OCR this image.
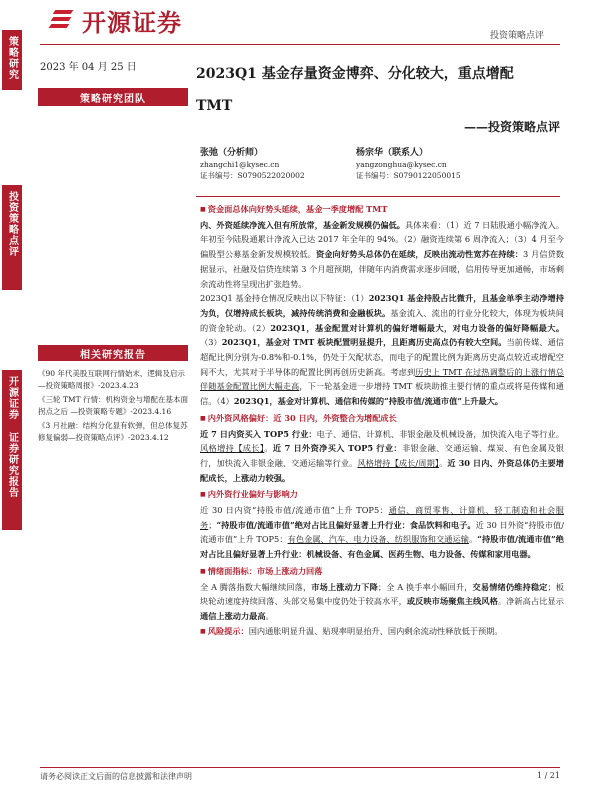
开源证券	投资策略点评
策略研究
投资策略点评
开源证券 证券研究报告
2023 年 04 月 25 日
策略研究团队
相关研究报告
《90 年代美股互联网行情始末、逻辑及启示—投资策略周报》-2023.4.23
《三轮 TMT 行情：机构资金与增配在基本面拐点之后 —投资策略专题》-2023.4.16
《3 月社融：结构分化显有软弹，但总体复苏修复偏弱—投资策略点评》-2023.4.12
2023Q1 基金存量资金博弈、分化较大，重点增配
TMT
——投资策略点评
张弛（分析师）
zhangchi1@kysec.cn
证书编号：S0790522020002
杨宗华（联系人）
yangzonghua@kysec.cn
证书编号：S0790122050015

■ 资金面总体向好势头延续，基金一季度增配 TMT

内、外资延续净流入但有所放常，基金新发规模仍偏低。具体来看：（1）近 7 日陆股通小幅净流入。年初至今陆股通累计净流入已达 2017 年全年的 94%。（2）融资连续第 6 周净流入；（3）4 月至今偏股型公募基金新发规模较低。资金向好势头总体仍在延续，反映出流动性宽苏在持续：3 月信贷数据显示，社融及信贷连续第 3 个月超预期，伴随年内消费需求逐步回暖，信用传导更加通畅，市场剩余流动性将呈现出扩张趋势。

2023Q1 基金持仓情况反映出以下特征：（1）2023Q1 基金持股占比微升，且基金单季主动净增持为负，仅增持成长板块，减持传统消费和金融板块。基金流入、流出的行业分化较大，体现为板块间的资金轮动。（2）2023Q1，基金配置对计算机的偏好增幅最大，对电力设备的偏好降幅最大。（3）2023Q1，基金对 TMT 板块配置明显提升，且距离历史高点仍有较大空间。当前传媒、通信超配比例分别为-0.8%和-0.1%，仍处于欠配状态，而电子的配置比例为距离历史高点较近或增配空间不大，尤其对于半导体的配置比例再创历史新高。考虑到历史上 TMT 在过热调整后的上涨行情总伴随基金配置比例大幅走高，下一轮基金进一步增持 TMT 板块助推主要行情的重点或将是传媒和通信。（4）2023Q1，基金对计算机、通信和传媒的“持股市值/流通市值”上升最大。

■ 内外资风格偏好：近 30 日内，外资整合为增配成长

近 7 日内资买入 TOP5 行业：电子、通信、计算机、非银金融及机械设备，加快流入电子等行业。风格增持【成长】。近 7 日外资净买入 TOP5 行业：非银金融、交通运输、煤炭、有色金属及银行，加快流入非银金融、交通运输等行业。风格增持【成长/周期】。近 30 日内、外资总体仍主要增配成长，上涨动力较强。

■ 内外资行业偏好与影响力

近 30 日内资“持股市值/流通市值”上升 TOP5：通信、商贸零售、计算机、轻工制造和社会服务；“持股市值/流通市值”绝对占比且偏好显著上升行业：食品饮料和电子。近 30 日外资“持股市值/流通市值”上升 TOP5：有色金属、汽车、电力设备、纺织服饰和交通运输。“持股市值/流通市值”绝对占比且偏好显著上升行业：机械设备、有色金属、医药生物、电力设备、传媒和家用电器。

■ 情绪面指标：市场上涨动力回落

全 A 腾落指数大幅继续回落，市场上涨动力下降；全 A 换手率小幅回升，交易情绪仍维持稳定；板块轮动速度持续回落、头部交易集中度仍处于较高水平，或反映市场聚焦主线风格。净新高占比显示通信上涨动力最高。

■ 风险提示：国内通胀明显升温、贴现率明显抬升、国内剩余流动性释放低于预期。

请务必阅读正文后面的信息披露和法律声明	1 / 21
